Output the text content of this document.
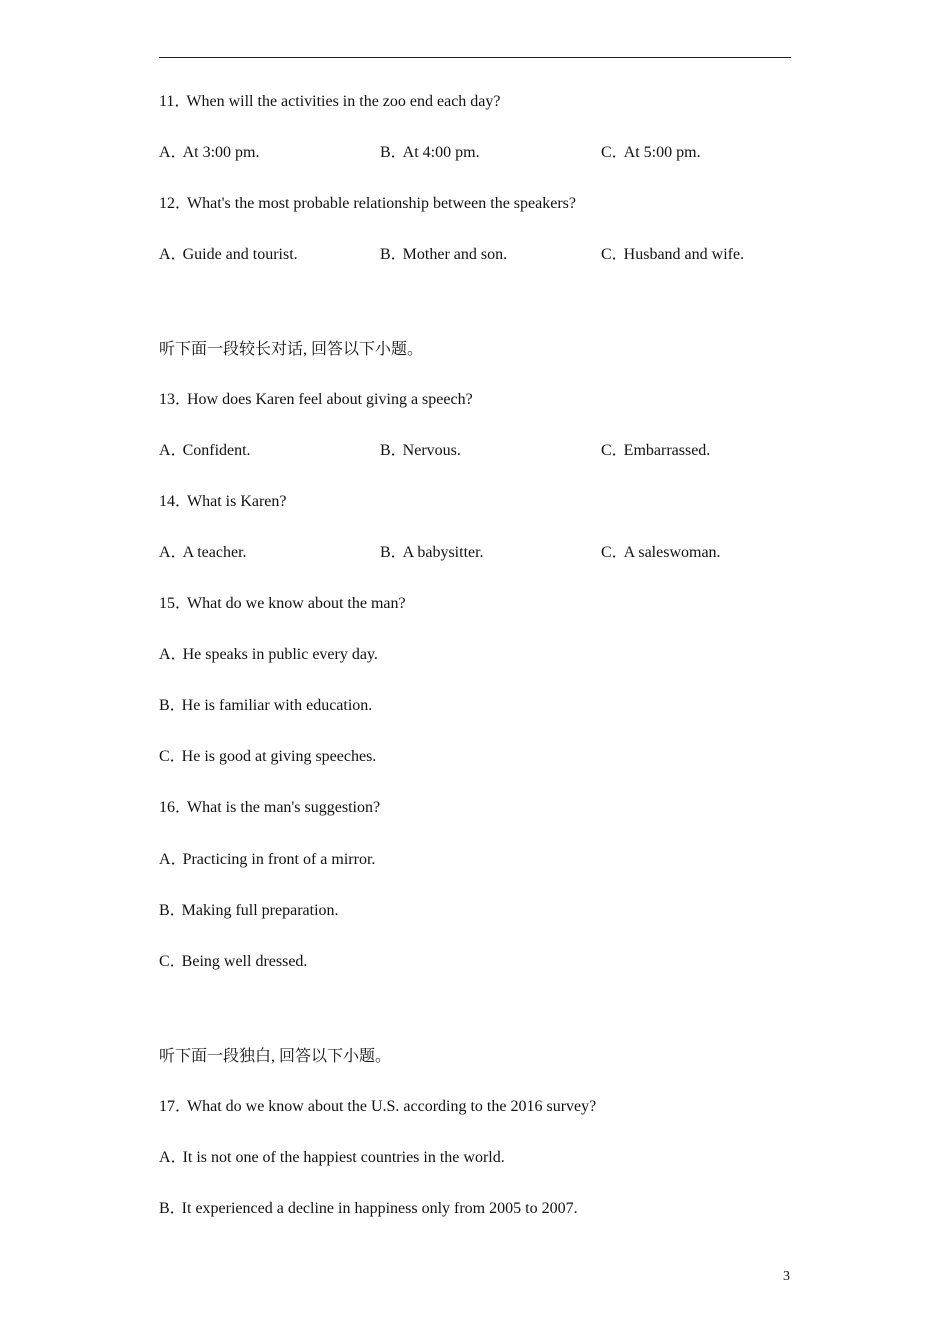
11．When will the activities in the zoo end each day?
A．At 3:00 pm.	B．At 4:00 pm.	C．At 5:00 pm.
12．What's the most probable relationship between the speakers?
A．Guide and tourist.	B．Mother and son.	C．Husband and wife.
听下面一段较长对话, 回答以下小题。
13．How does Karen feel about giving a speech?
A．Confident.	B．Nervous.	C．Embarrassed.
14．What is Karen?
A．A teacher.	B．A babysitter.	C．A saleswoman.
15．What do we know about the man?
A．He speaks in public every day.
B．He is familiar with education.
C．He is good at giving speeches.
16．What is the man's suggestion?
A．Practicing in front of a mirror.
B．Making full preparation.
C．Being well dressed.
听下面一段独白, 回答以下小题。
17．What do we know about the U.S. according to the 2016 survey?
A．It is not one of the happiest countries in the world.
B．It experienced a decline in happiness only from 2005 to 2007.
3
